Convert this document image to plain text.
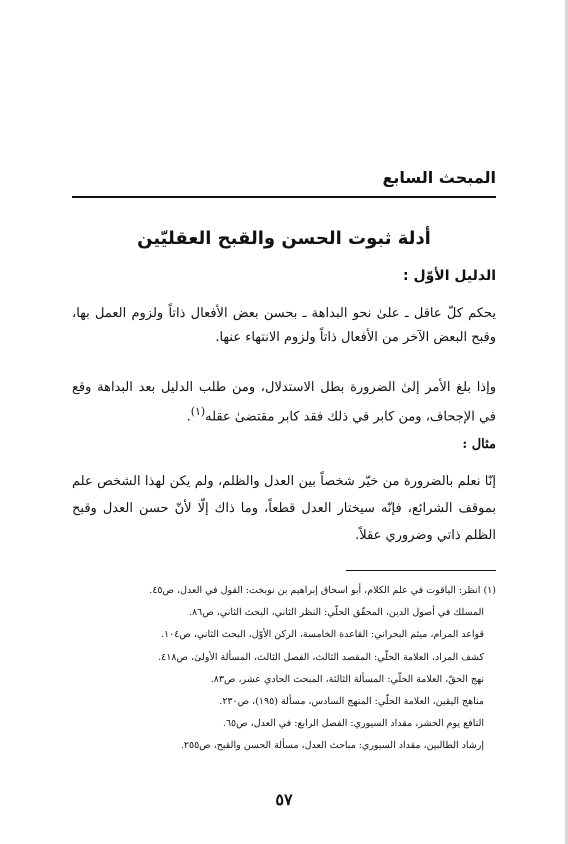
المبحث السابع
أدلة ثبوت الحسن والقبح العقليّين
الدليل الأوّل :
يحكم كلّ عاقل ـ علىٰ نحو البداهة ـ بحسن بعض الأفعال ذاتاً ولزوم العمل بها، وقبح البعض الآخر من الأفعال ذاتاً ولزوم الانتهاء عنها.
وإذا بلغ الأمر إلىٰ الضرورة بطل الاستدلال، ومن طلب الدليل بعد البداهة وقع في الإجحاف، ومن كابر في ذلك فقد كابر مقتضىٰ عقله$^{(١)}$.
مثال :
إنّا نعلم بالضرورة من خيّر شخصاً بين العدل والظلم، ولم يكن لهذا الشخص علم بموقف الشرائع، فإنّه سيختار العدل قطعاً، وما ذاك إلّا لأنّ حسن العدل وقبح الظلم ذاتي وضروري عقلاً.
(١) انظر: الياقوت في علم الكلام، أبو اسحاق إبراهيم بن نوبخت: القول في العدل، ص٤٥.
المسلك في أصول الدين، المحقّق الحلّي: النظر الثاني، البحث الثاني، ص٨٦.
قواعد المرام، ميثم البحراني: القاعدة الخامسة، الركن الأوّل، البحث الثاني، ص١٠٤.
كشف المراد، العلامة الحلّي: المقصد الثالث، الفصل الثالث، المسألة الأولىٰ، ص٤١٨.
نهج الحقّ، العلامة الحلّي: المسألة الثالثة، المبحث الحادي عشر، ص٨٣.
مناهج اليقين، العلامة الحلّي: المنهج السادس، مسألة (١٩٥)، ص٢٣٠.
النافع يوم الحشر، مقداد السيوري: الفصل الرابع: في العدل، ص٦٥.
إرشاد الطالبين، مقداد السيوري: مباحث العدل، مسألة الحسن والقبح، ص٢٥٥.
٥٧
